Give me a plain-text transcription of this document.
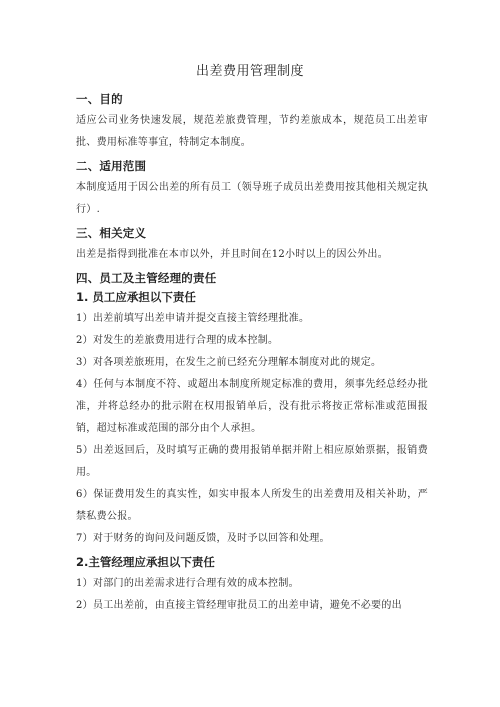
出差费用管理制度
一、目的
适应公司业务快速发展，规范差旅费管理，节约差旅成本，规范员工出差审批、费用标准等事宜，特制定本制度。
二、适用范围
本制度适用于因公出差的所有员工（领导班子成员出差费用按其他相关规定执行）.
三、相关定义
出差是指得到批准在本市以外，并且时间在12小时以上的因公外出。
四、员工及主管经理的责任
1. 员工应承担以下责任
1）出差前填写出差申请并提交直接主管经理批准。
2）对发生的差旅费用进行合理的成本控制。
3）对各项差旅班用，在发生之前已经充分理解本制度对此的规定。
4）任何与本制度不符、或超出本制度所规定标准的费用，须事先经总经办批准，并将总经办的批示附在权用报销单后，没有批示将按正常标准或范围报销，超过标准或范围的部分由个人承担。
5）出差返回后，及时填写正确的费用报销单据并附上相应原始票据，报销费用。
6）保证费用发生的真实性，如实申报本人所发生的出差费用及相关补助，严禁私费公报。
7）对于财务的询问及问题反馈，及时予以回答和处理。
2.主管经理应承担以下责任
1）对部门的出差需求进行合理有效的成本控制。
2）员工出差前，由直接主管经理审批员工的出差申请，避免不必要的出
